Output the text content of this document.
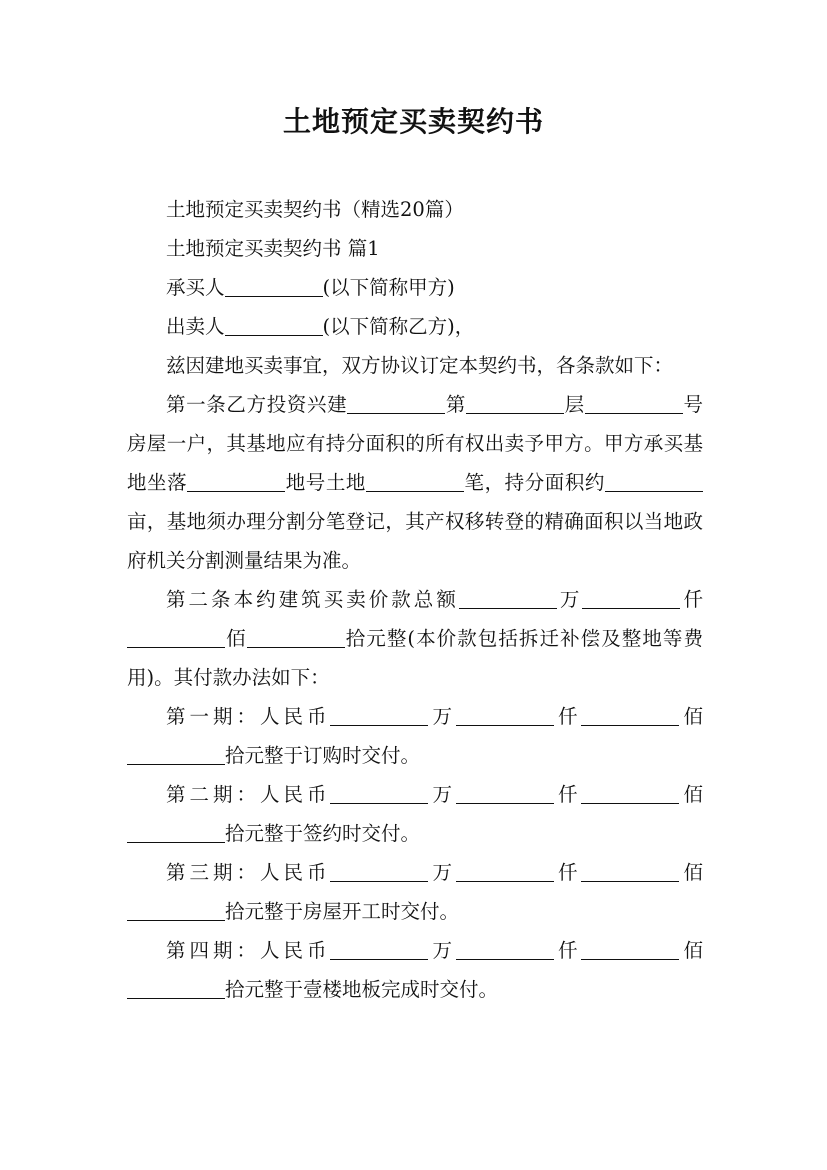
土地预定买卖契约书

土地预定买卖契约书（精选20篇）

土地预定买卖契约书 篇1

承买人	(以下简称甲方)

出卖人	(以下简称乙方)，

兹因建地买卖事宜，双方协议订定本契约书，各条款如下：

第一条乙方投资兴建	第	层	号房屋一户，其基地应有持分面积的所有权出卖予甲方。甲方承买基地坐落	地号土地	笔，持分面积约亩，基地须办理分割分笔登记，其产权移转登的精确面积以当地政府机关分割测量结果为准。

第二条本约建筑买卖价款总额	万	仟佰	拾元整(本价款包括拆迁补偿及整地等费用)。其付款办法如下：

第一期：人民币	万	仟	佰拾元整于订购时交付。

第二期：人民币	万	仟	佰拾元整于签约时交付。

第三期：人民币	万	仟	佰拾元整于房屋开工时交付。

第四期：人民币	万	仟	佰拾元整于壹楼地板完成时交付。
